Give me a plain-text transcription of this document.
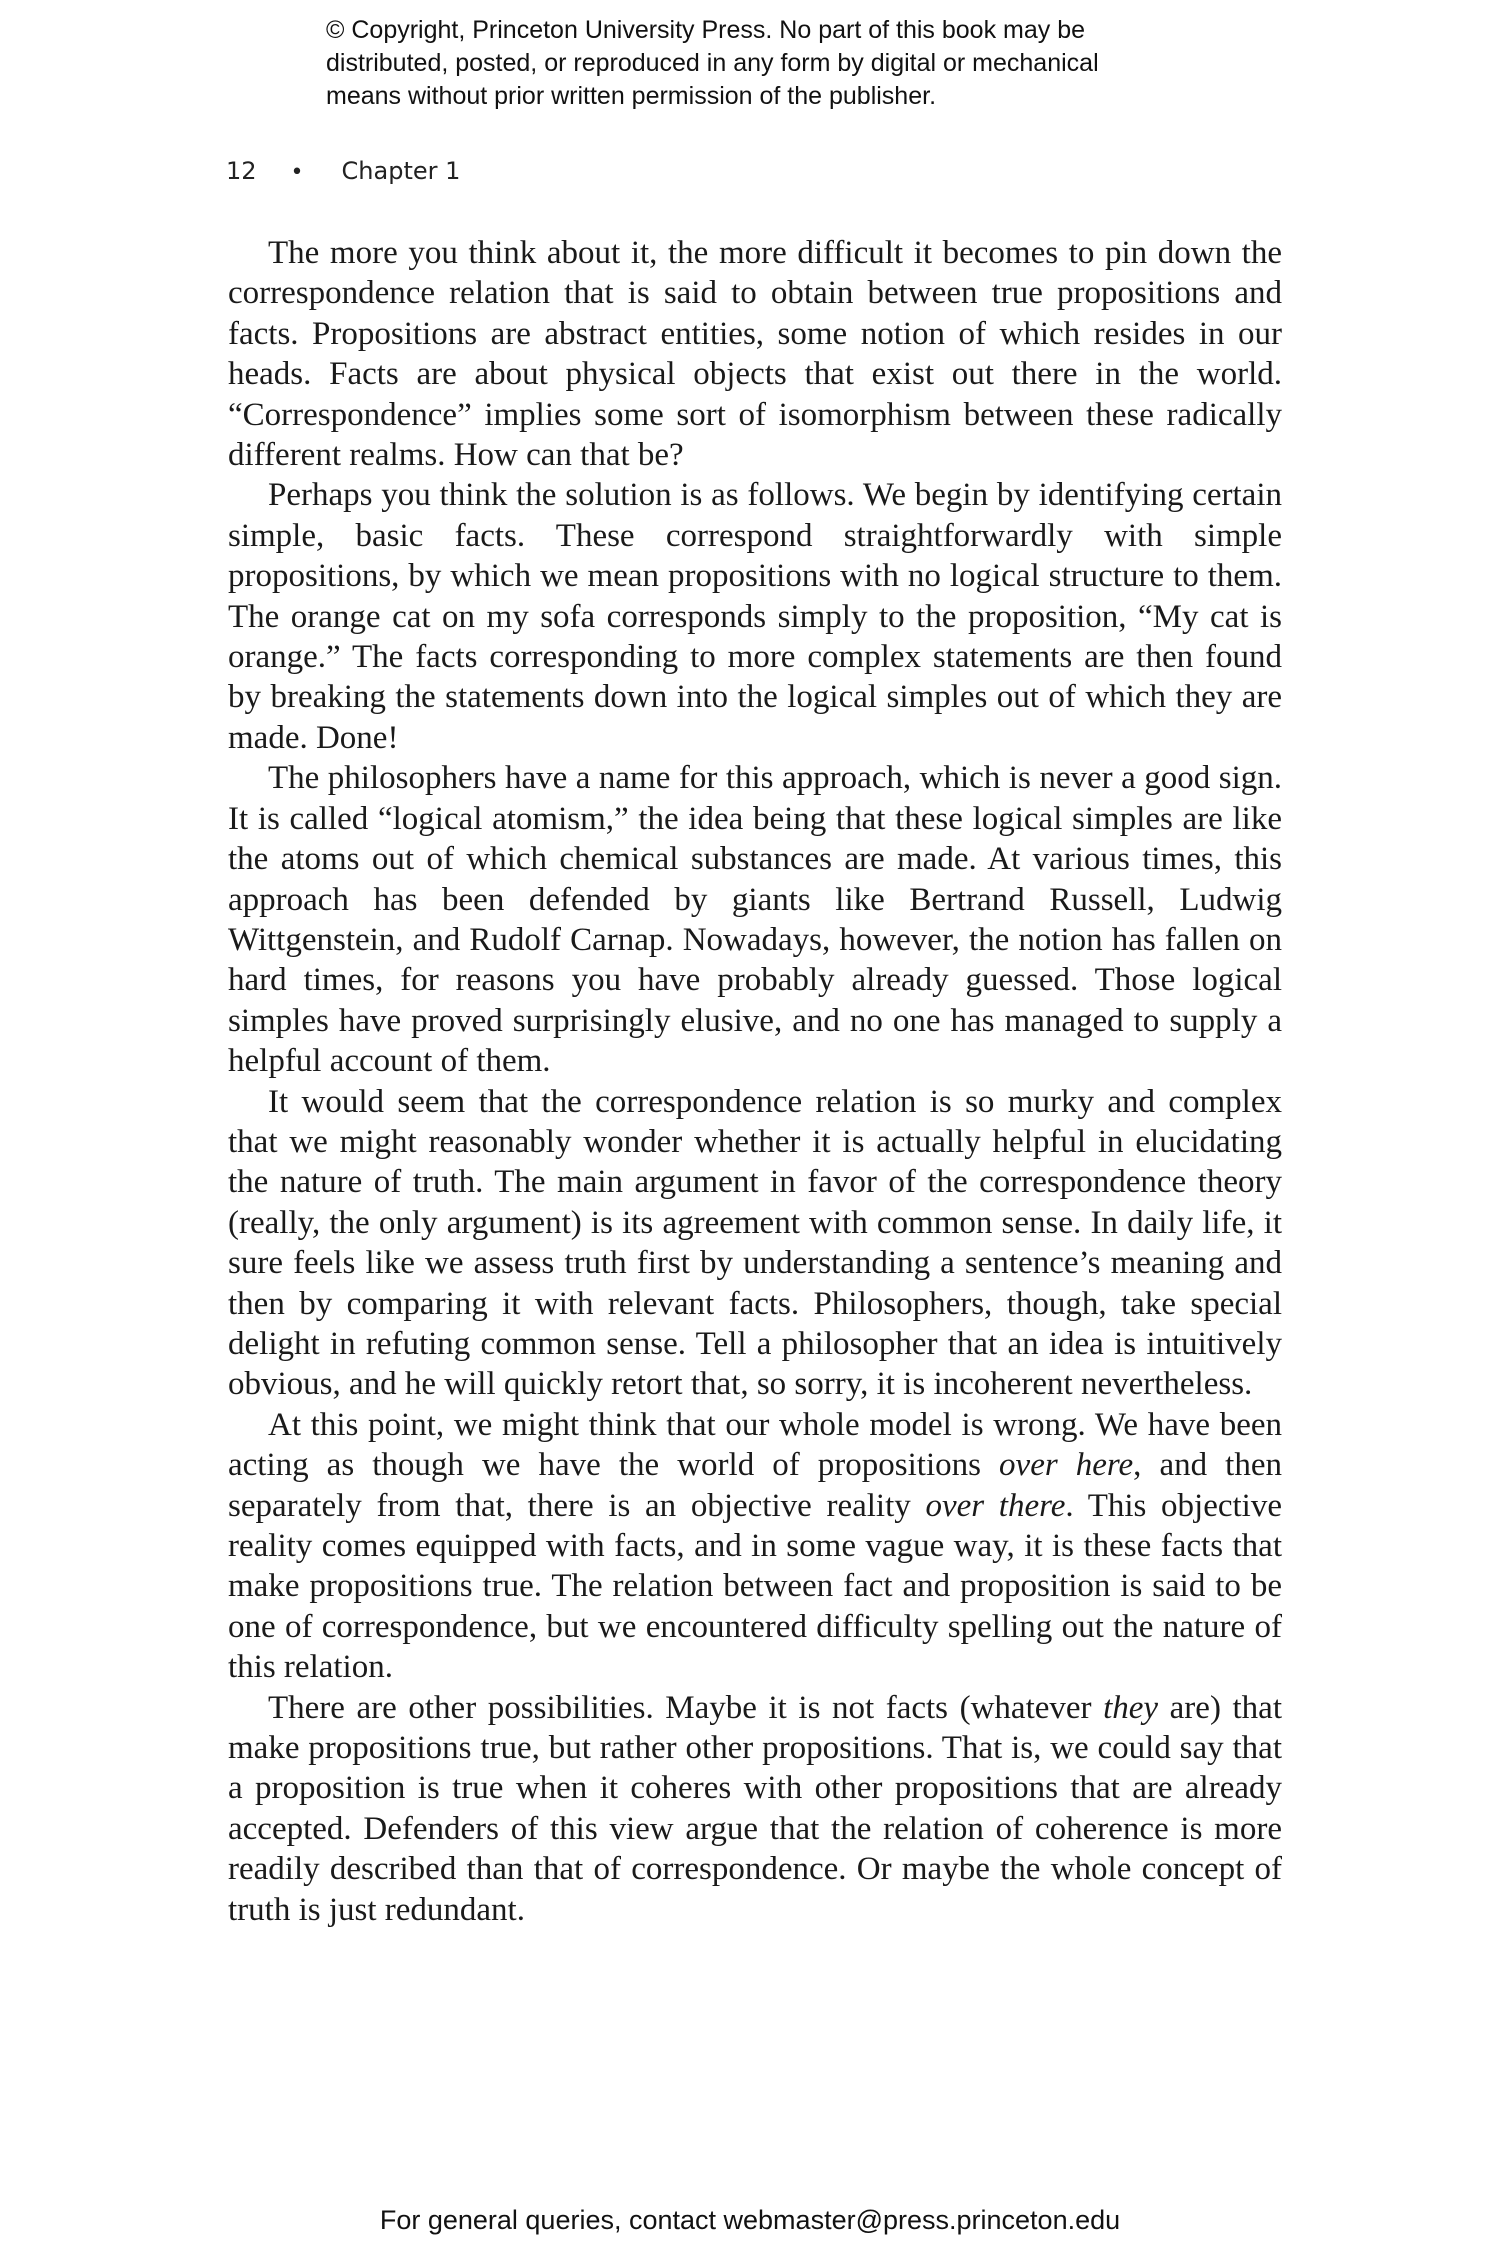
© Copyright, Princeton University Press. No part of this book may be
distributed, posted, or reproduced in any form by digital or mechanical
means without prior written permission of the publisher.
12 • Chapter 1

The more you think about it, the more difficult it becomes to pin down the correspondence relation that is said to obtain between true propositions and facts. Propositions are abstract entities, some notion of which resides in our heads. Facts are about physical objects that exist out there in the world. “Correspondence” implies some sort of isomorphism between these radically different realms. How can that be?

Perhaps you think the solution is as follows. We begin by identifying certain simple, basic facts. These correspond straightforwardly with simple propositions, by which we mean propositions with no logical structure to them. The orange cat on my sofa corresponds simply to the proposition, “My cat is orange.” The facts corresponding to more complex statements are then found by breaking the statements down into the logical simples out of which they are made. Done!

The philosophers have a name for this approach, which is never a good sign. It is called “logical atomism,” the idea being that these logical simples are like the atoms out of which chemical substances are made. At various times, this approach has been defended by giants like Bertrand Russell, Ludwig Wittgenstein, and Rudolf Carnap. Nowadays, however, the notion has fallen on hard times, for reasons you have probably already guessed. Those logical simples have proved surprisingly elusive, and no one has managed to supply a helpful account of them.

It would seem that the correspondence relation is so murky and complex that we might reasonably wonder whether it is actually helpful in elucidating the nature of truth. The main argument in favor of the correspondence theory (really, the only argument) is its agreement with common sense. In daily life, it sure feels like we assess truth first by understanding a sentence’s meaning and then by comparing it with relevant facts. Philosophers, though, take special delight in refuting common sense. Tell a philosopher that an idea is intuitively obvious, and he will quickly retort that, so sorry, it is incoherent nevertheless.

At this point, we might think that our whole model is wrong. We have been acting as though we have the world of propositions over here, and then separately from that, there is an objective reality over there. This objective reality comes equipped with facts, and in some vague way, it is these facts that make propositions true. The relation between fact and proposition is said to be one of correspondence, but we encountered difficulty spelling out the nature of this relation.

There are other possibilities. Maybe it is not facts (whatever they are) that make propositions true, but rather other propositions. That is, we could say that a proposition is true when it coheres with other propositions that are already accepted. Defenders of this view argue that the relation of coherence is more readily described than that of correspondence. Or maybe the whole concept of truth is just redundant.

For general queries, contact webmaster@press.princeton.edu
